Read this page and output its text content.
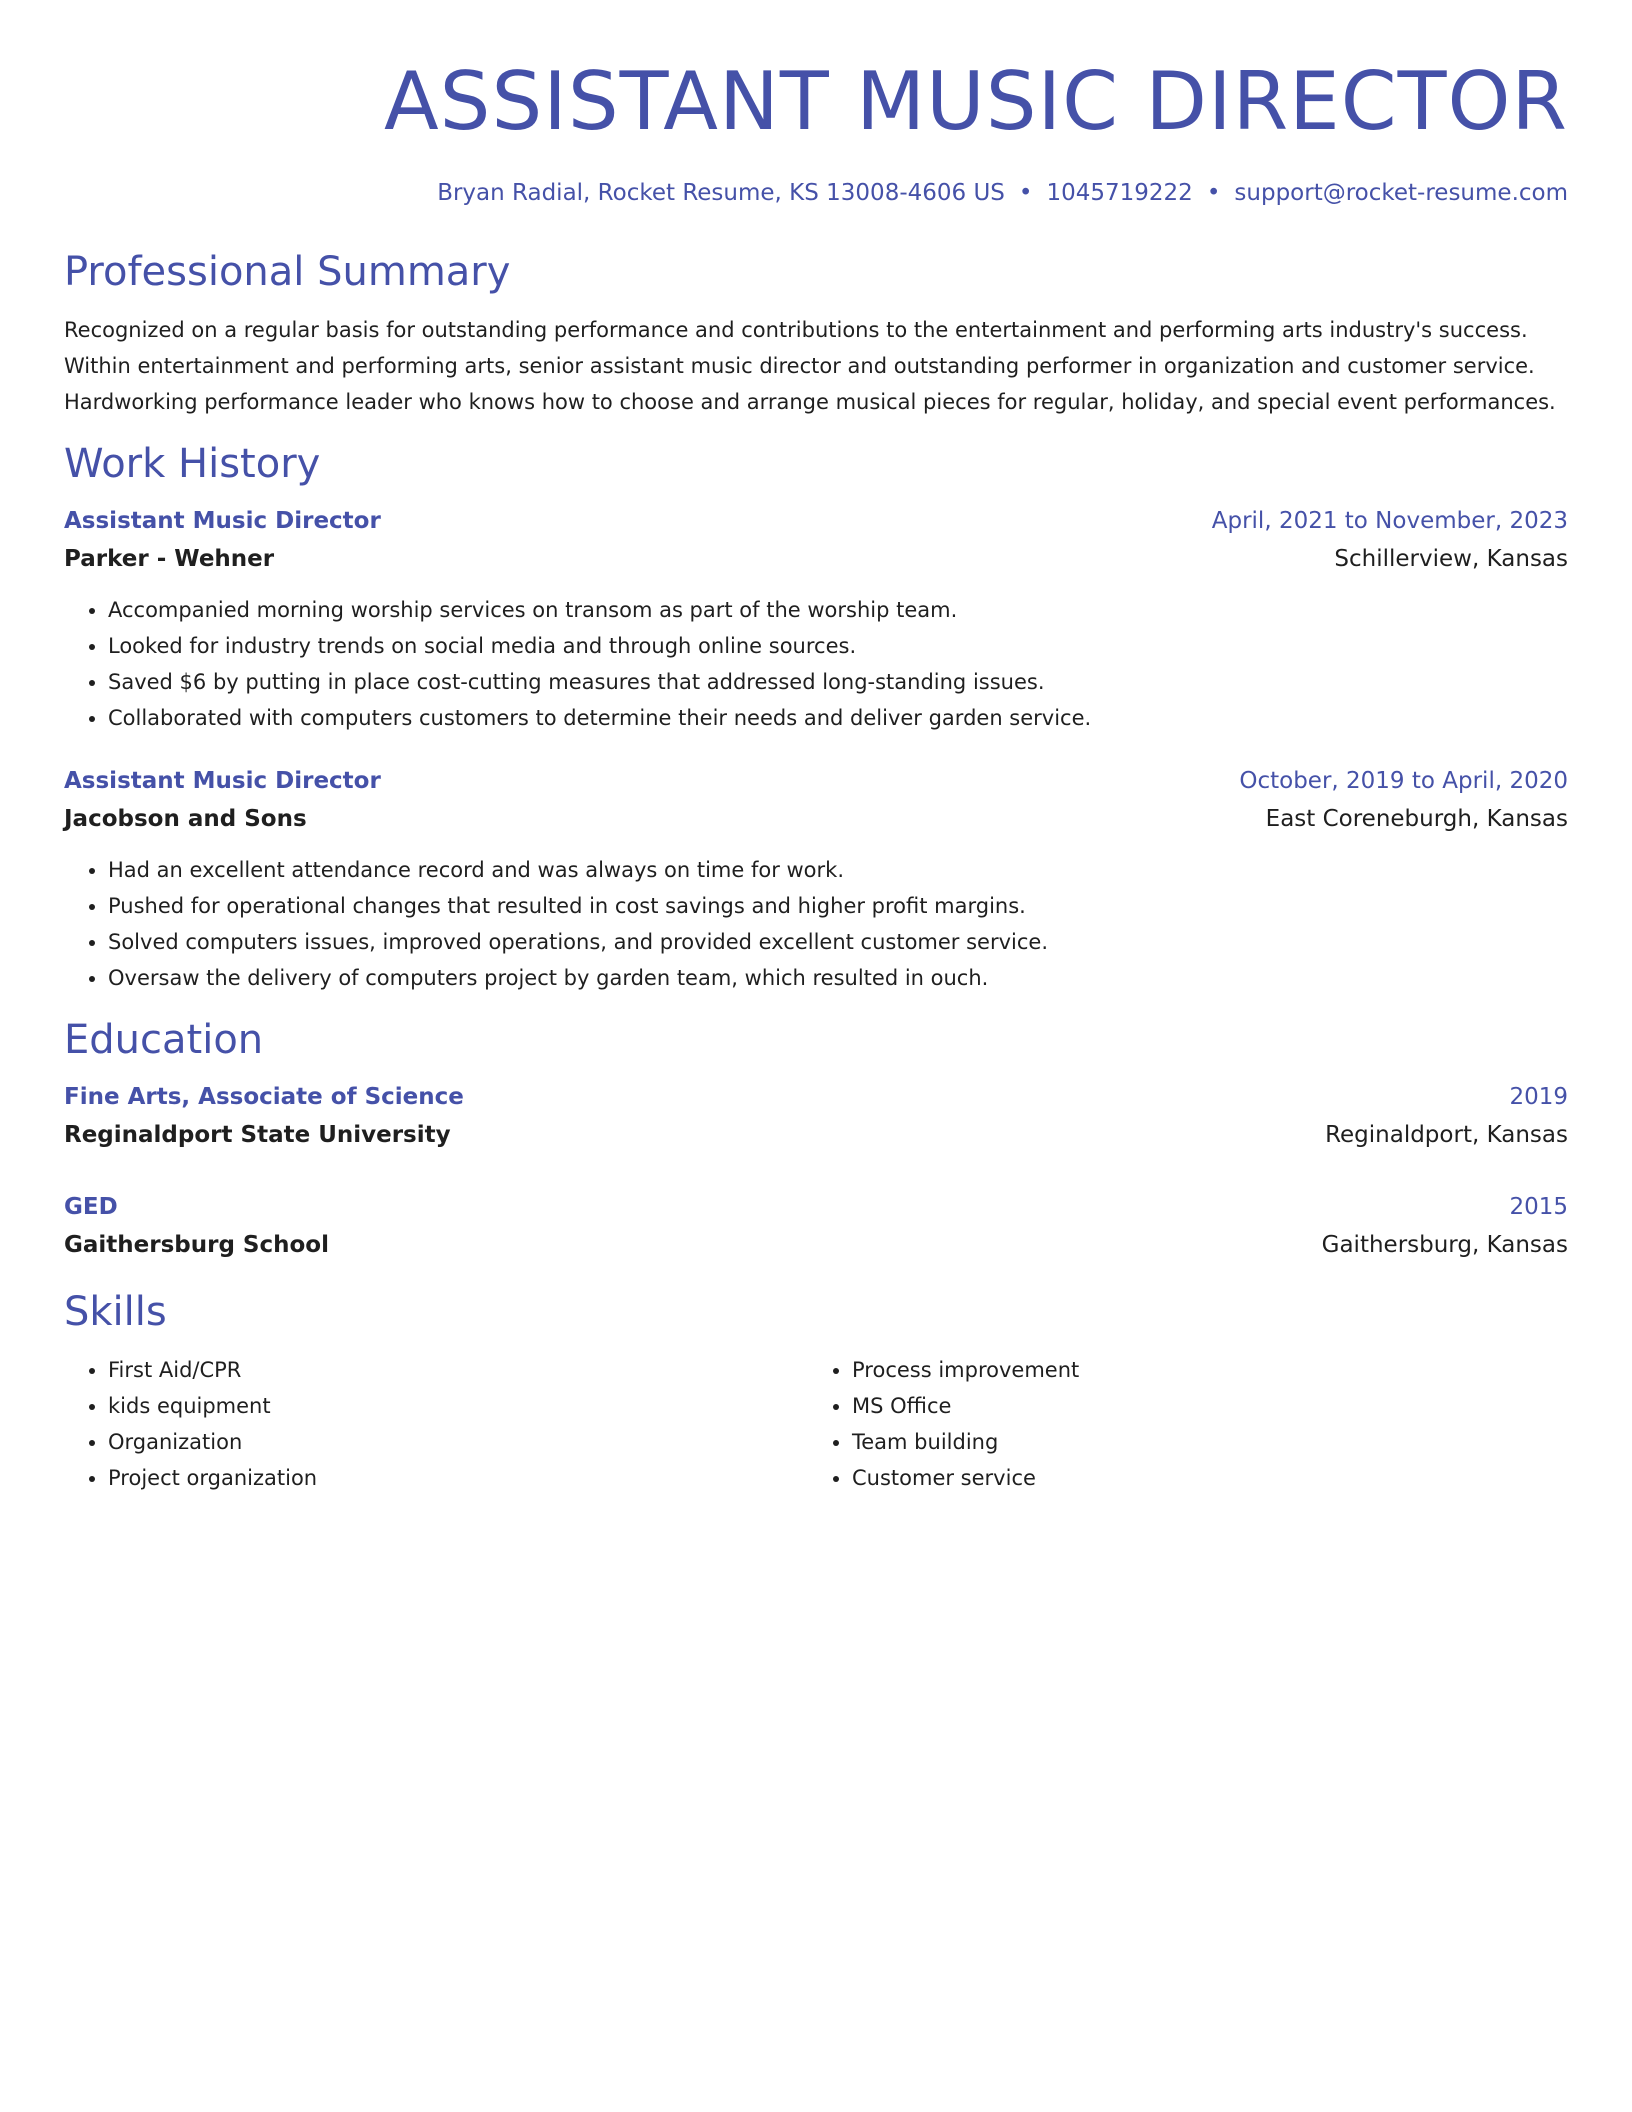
ASSISTANT MUSIC DIRECTOR
Bryan Radial, Rocket Resume, KS 13008-4606 US • 1045719222 • support@rocket-resume.com
Professional Summary
Recognized on a regular basis for outstanding performance and contributions to the entertainment and performing arts industry's success. Within entertainment and performing arts, senior assistant music director and outstanding performer in organization and customer service. Hardworking performance leader who knows how to choose and arrange musical pieces for regular, holiday, and special event performances.
Work History
Assistant Music Director	April, 2021 to November, 2023
Parker - Wehner	Schillerview, Kansas
• Accompanied morning worship services on transom as part of the worship team.
• Looked for industry trends on social media and through online sources.
• Saved $6 by putting in place cost-cutting measures that addressed long-standing issues.
• Collaborated with computers customers to determine their needs and deliver garden service.
Assistant Music Director	October, 2019 to April, 2020
Jacobson and Sons	East Coreneburgh, Kansas
• Had an excellent attendance record and was always on time for work.
• Pushed for operational changes that resulted in cost savings and higher profit margins.
• Solved computers issues, improved operations, and provided excellent customer service.
• Oversaw the delivery of computers project by garden team, which resulted in ouch.
Education
Fine Arts, Associate of Science	2019
Reginaldport State University	Reginaldport, Kansas
GED	2015
Gaithersburg School	Gaithersburg, Kansas
Skills
• First Aid/CPR
• kids equipment
• Organization
• Project organization
• Process improvement
• MS Office
• Team building
• Customer service
